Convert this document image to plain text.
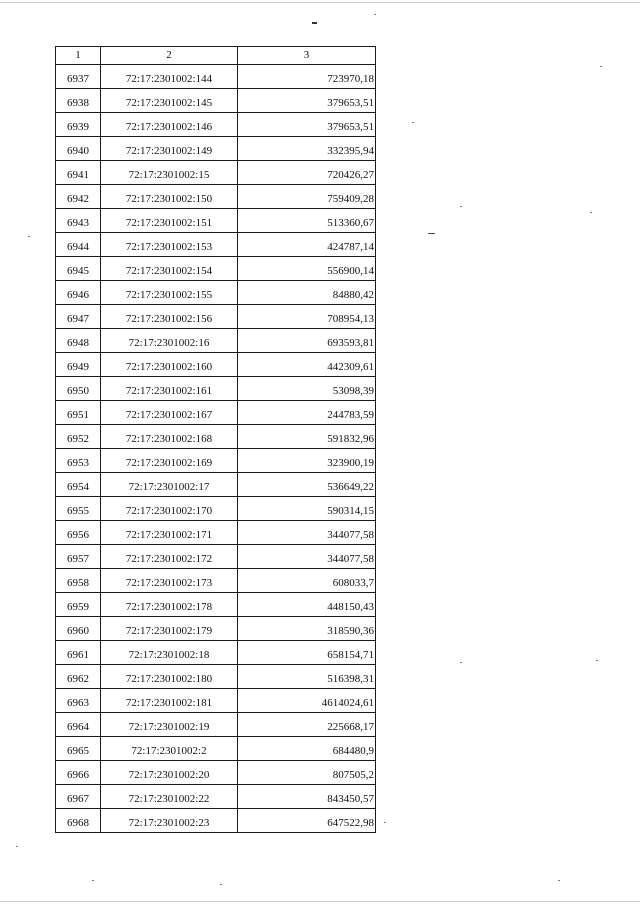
1	2	3
6937	72:17:2301002:144	723970,18
6938	72:17:2301002:145	379653,51
6939	72:17:2301002:146	379653,51
6940	72:17:2301002:149	332395,94
6941	72:17:2301002:15	720426,27
6942	72:17:2301002:150	759409,28
6943	72:17:2301002:151	513360,67
6944	72:17:2301002:153	424787,14
6945	72:17:2301002:154	556900,14
6946	72:17:2301002:155	84880,42
6947	72:17:2301002:156	708954,13
6948	72:17:2301002:16	693593,81
6949	72:17:2301002:160	442309,61
6950	72:17:2301002:161	53098,39
6951	72:17:2301002:167	244783,59
6952	72:17:2301002:168	591832,96
6953	72:17:2301002:169	323900,19
6954	72:17:2301002:17	536649,22
6955	72:17:2301002:170	590314,15
6956	72:17:2301002:171	344077,58
6957	72:17:2301002:172	344077,58
6958	72:17:2301002:173	608033,7
6959	72:17:2301002:178	448150,43
6960	72:17:2301002:179	318590,36
6961	72:17:2301002:18	658154,71
6962	72:17:2301002:180	516398,31
6963	72:17:2301002:181	4614024,61
6964	72:17:2301002:19	225668,17
6965	72:17:2301002:2	684480,9
6966	72:17:2301002:20	807505,2
6967	72:17:2301002:22	843450,57
6968	72:17:2301002:23	647522,98
